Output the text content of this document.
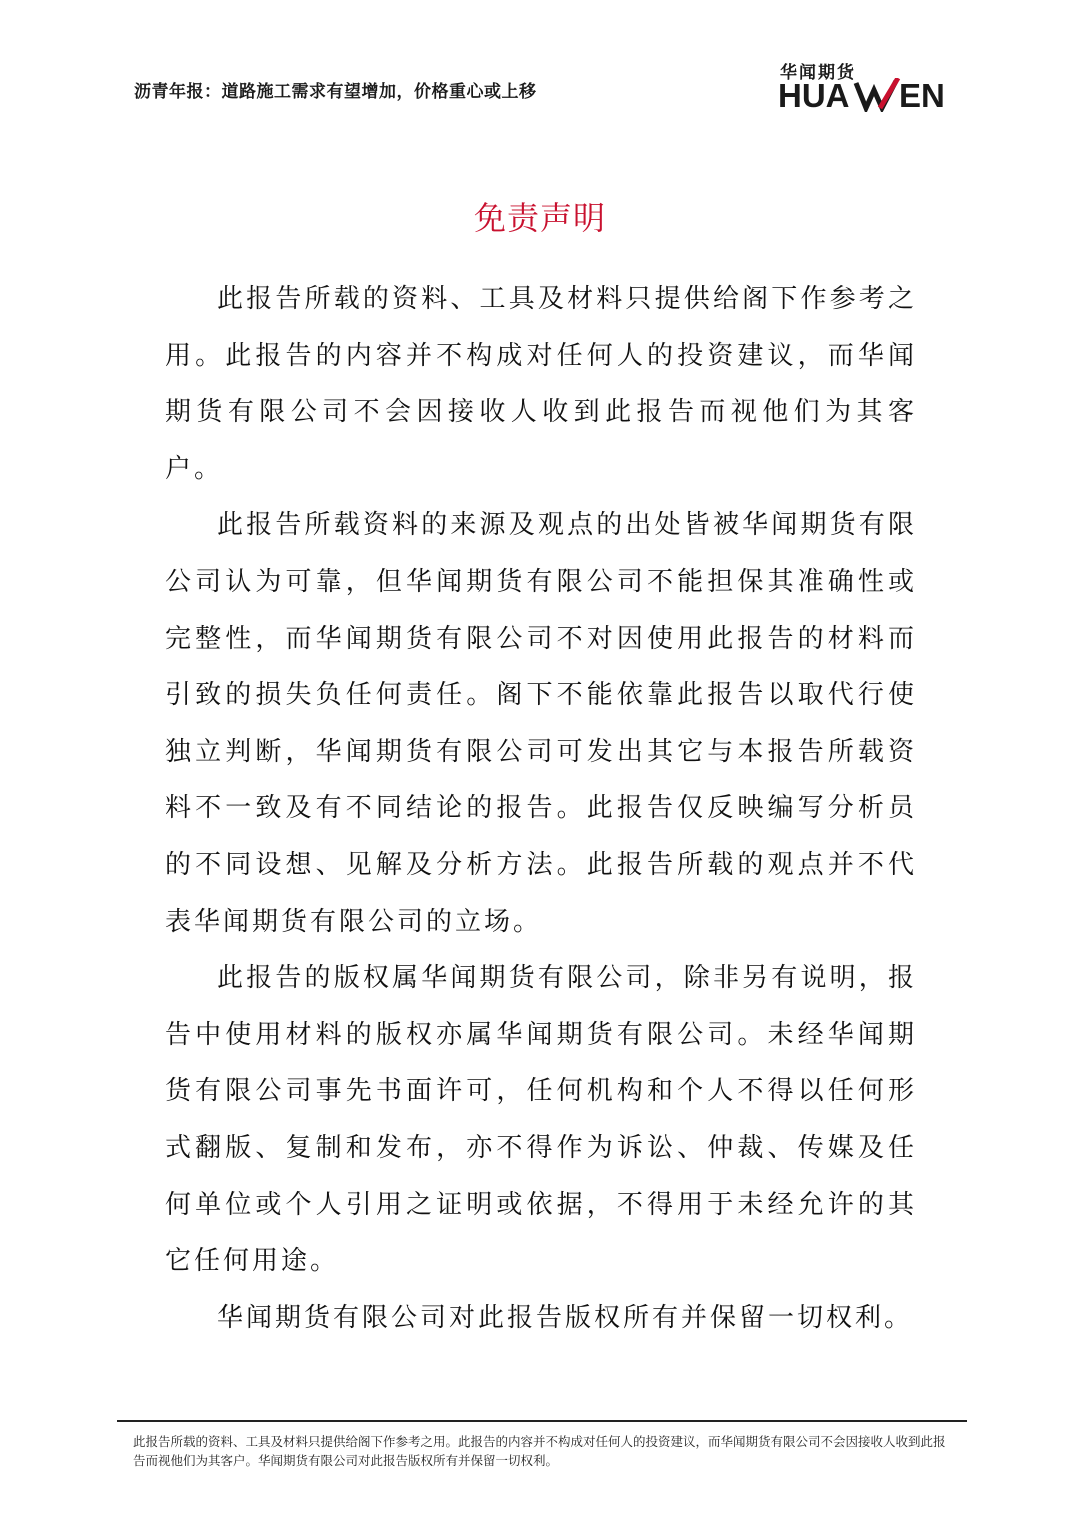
沥青年报：道路施工需求有望增加，价格重心或上移
华闻期货
HUA EN
免责声明

此报告所载的资料、工具及材料只提供给阁下作参考之用。此报告的内容并不构成对任何人的投资建议，而华闻期货有限公司不会因接收人收到此报告而视他们为其客户。

此报告所载资料的来源及观点的出处皆被华闻期货有限公司认为可靠，但华闻期货有限公司不能担保其准确性或完整性，而华闻期货有限公司不对因使用此报告的材料而引致的损失负任何责任。阁下不能依靠此报告以取代行使独立判断，华闻期货有限公司可发出其它与本报告所载资料不一致及有不同结论的报告。此报告仅反映编写分析员的不同设想、见解及分析方法。此报告所载的观点并不代表华闻期货有限公司的立场。

此报告的版权属华闻期货有限公司，除非另有说明，报告中使用材料的版权亦属华闻期货有限公司。未经华闻期货有限公司事先书面许可，任何机构和个人不得以任何形式翻版、复制和发布，亦不得作为诉讼、仲裁、传媒及任何单位或个人引用之证明或依据，不得用于未经允许的其它任何用途。

华闻期货有限公司对此报告版权所有并保留一切权利。

此报告所载的资料、工具及材料只提供给阁下作参考之用。此报告的内容并不构成对任何人的投资建议，而华闻期货有限公司不会因接收人收到此报告而视他们为其客户。华闻期货有限公司对此报告版权所有并保留一切权利。
